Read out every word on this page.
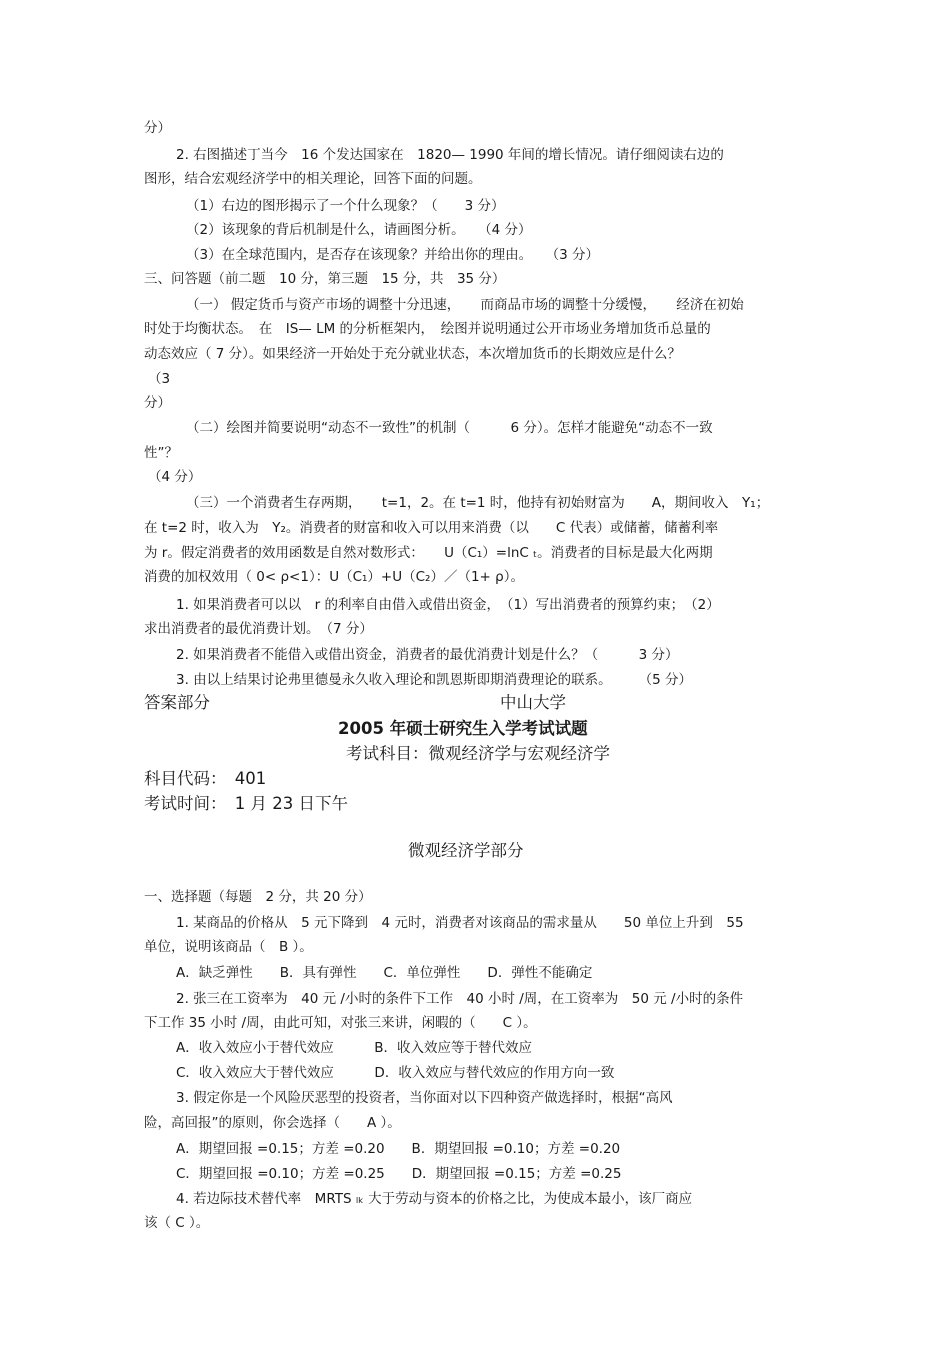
分）
2. 右图描述丁当今　16 个发达国家在　1820— 1990 年间的增长情况。请仔细阅读右边的
图形，结合宏观经济学中的相关理论，回答下面的问题。
（1）右边的图形揭示了一个什么现象？（　　3 分）
（2）该现象的背后机制是什么，请画图分析。　　（4 分）
（3）在全球范围内，是否存在该现象？并给出你的理由。　　（3 分）
三、问答题（前二题　10 分，第三题　15 分，共　35 分）
（一） 假定货币与资产市场的调整十分迅速，　　而商品市场的调整十分缓慢，　　经济在初始
时处于均衡状态。　在　IS— LM 的分析框架内，　绘图并说明通过公开市场业务增加货币总量的
动态效应（ 7 分）。如果经济一开始处于充分就业状态，本次增加货币的长期效应是什么？
（3
分）
（二）绘图并简要说明“动态不一致性”的机制（　　　6 分）。怎样才能避免“动态不一致
性”？
（4 分）
（三）一个消费者生存两期，　　t=1，2。在 t=1 时，他持有初始财富为　　A，期间收入　Y₁；
在 t=2 时，收入为　Y₂。消费者的财富和收入可以用来消费（以　　C 代表）或储蓄，储蓄利率
为 r。假定消费者的效用函数是自然对数形式：　　U（C₁）=lnC ₜ。消费者的目标是最大化两期
消费的加权效用（ 0< ρ<1）：U（C₁）+U（C₂）／（1+ ρ）。
1. 如果消费者可以以　r 的利率自由借入或借出资金，　（1）写出消费者的预算约束；　（2）
求出消费者的最优消费计划。　（7 分）
2. 如果消费者不能借入或借出资金，消费者的最优消费计划是什么？（　　　3 分）
3. 由以上结果讨论弗里德曼永久收入理论和凯恩斯即期消费理论的联系。　　　（5 分）
答案部分	中山大学
2005 年硕士研究生入学考试试题
考试科目：微观经济学与宏观经济学
科目代码：　401
考试时间：　1 月 23 日下午
微观经济学部分
一、选择题（每题　2 分，共 20 分）
1. 某商品的价格从　5 元下降到　4 元时，消费者对该商品的需求量从　　50 单位上升到　55
单位，说明该商品（　B ）。
A．缺乏弹性　　B．具有弹性　　C．单位弹性　　D．弹性不能确定
2. 张三在工资率为　40 元 /小时的条件下工作　40 小时 /周，在工资率为　50 元 /小时的条件
下工作 35 小时 /周，由此可知，对张三来讲，闲暇的（　　C ）。
A．收入效应小于替代效应　　　B．收入效应等于替代效应
C．收入效应大于替代效应　　　D．收入效应与替代效应的作用方向一致
3. 假定你是一个风险厌恶型的投资者，当你面对以下四种资产做选择时，根据“高风
险，高回报”的原则，你会选择（　　A ）。
A．期望回报 =0.15；方差 =0.20　　B．期望回报 =0.10；方差 =0.20
C．期望回报 =0.10；方差 =0.25　　D．期望回报 =0.15；方差 =0.25
4. 若边际技术替代率　MRTS ₗₖ 大于劳动与资本的价格之比，为使成本最小，该厂商应
该（ C ）。
